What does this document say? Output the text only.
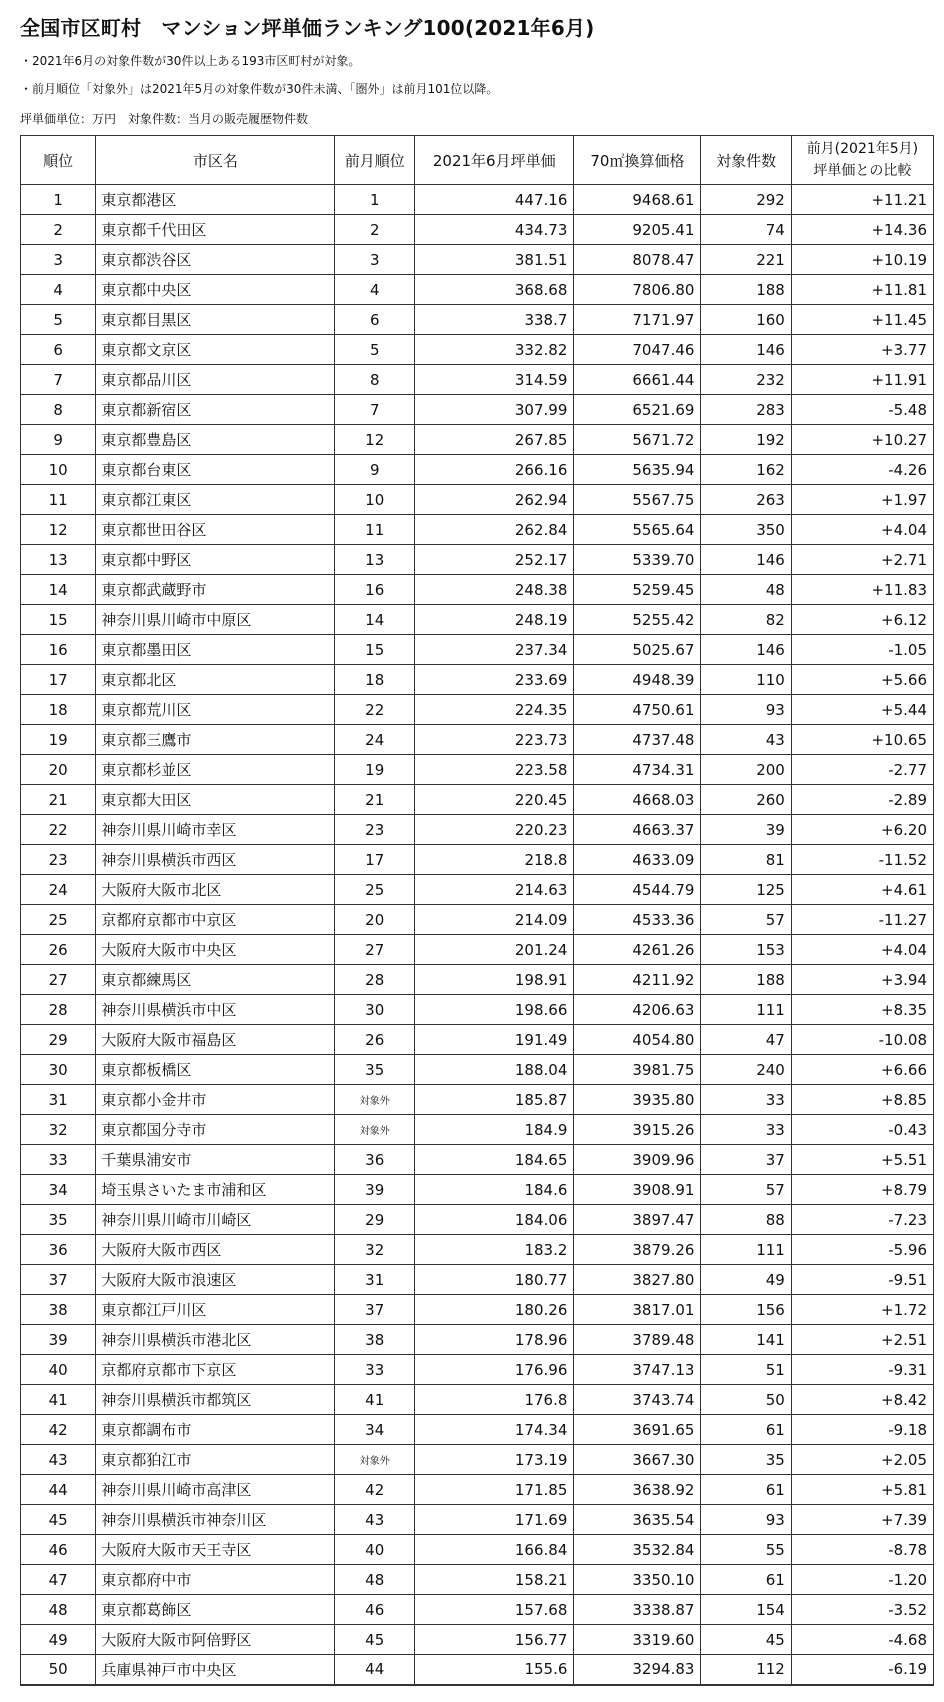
全国市区町村　マンション坪単価ランキング100(2021年6月)
・2021年6月の対象件数が30件以上ある193市区町村が対象。
・前月順位「対象外」は2021年5月の対象件数が30件未満、「圏外」は前月101位以降。
坪単価単位：万円　対象件数：当月の販売履歴物件数
順位	市区名	前月順位	2021年6月坪単価	70㎡換算価格	対象件数	前月(2021年5月)
坪単価との比較

1	東京都港区	1	447.16	9468.61	292	+11.21
2	東京都千代田区	2	434.73	9205.41	74	+14.36
3	東京都渋谷区	3	381.51	8078.47	221	+10.19
4	東京都中央区	4	368.68	7806.80	188	+11.81
5	東京都目黒区	6	338.7	7171.97	160	+11.45
6	東京都文京区	5	332.82	7047.46	146	+3.77
7	東京都品川区	8	314.59	6661.44	232	+11.91
8	東京都新宿区	7	307.99	6521.69	283	-5.48
9	東京都豊島区	12	267.85	5671.72	192	+10.27
10	東京都台東区	9	266.16	5635.94	162	-4.26
11	東京都江東区	10	262.94	5567.75	263	+1.97
12	東京都世田谷区	11	262.84	5565.64	350	+4.04
13	東京都中野区	13	252.17	5339.70	146	+2.71
14	東京都武蔵野市	16	248.38	5259.45	48	+11.83
15	神奈川県川崎市中原区	14	248.19	5255.42	82	+6.12
16	東京都墨田区	15	237.34	5025.67	146	-1.05
17	東京都北区	18	233.69	4948.39	110	+5.66
18	東京都荒川区	22	224.35	4750.61	93	+5.44
19	東京都三鷹市	24	223.73	4737.48	43	+10.65
20	東京都杉並区	19	223.58	4734.31	200	-2.77
21	東京都大田区	21	220.45	4668.03	260	-2.89
22	神奈川県川崎市幸区	23	220.23	4663.37	39	+6.20
23	神奈川県横浜市西区	17	218.8	4633.09	81	-11.52
24	大阪府大阪市北区	25	214.63	4544.79	125	+4.61
25	京都府京都市中京区	20	214.09	4533.36	57	-11.27
26	大阪府大阪市中央区	27	201.24	4261.26	153	+4.04
27	東京都練馬区	28	198.91	4211.92	188	+3.94
28	神奈川県横浜市中区	30	198.66	4206.63	111	+8.35
29	大阪府大阪市福島区	26	191.49	4054.80	47	-10.08
30	東京都板橋区	35	188.04	3981.75	240	+6.66
31	東京都小金井市	対象外	185.87	3935.80	33	+8.85
32	東京都国分寺市	対象外	184.9	3915.26	33	-0.43
33	千葉県浦安市	36	184.65	3909.96	37	+5.51
34	埼玉県さいたま市浦和区	39	184.6	3908.91	57	+8.79
35	神奈川県川崎市川崎区	29	184.06	3897.47	88	-7.23
36	大阪府大阪市西区	32	183.2	3879.26	111	-5.96
37	大阪府大阪市浪速区	31	180.77	3827.80	49	-9.51
38	東京都江戸川区	37	180.26	3817.01	156	+1.72
39	神奈川県横浜市港北区	38	178.96	3789.48	141	+2.51
40	京都府京都市下京区	33	176.96	3747.13	51	-9.31
41	神奈川県横浜市都筑区	41	176.8	3743.74	50	+8.42
42	東京都調布市	34	174.34	3691.65	61	-9.18
43	東京都狛江市	対象外	173.19	3667.30	35	+2.05
44	神奈川県川崎市高津区	42	171.85	3638.92	61	+5.81
45	神奈川県横浜市神奈川区	43	171.69	3635.54	93	+7.39
46	大阪府大阪市天王寺区	40	166.84	3532.84	55	-8.78
47	東京都府中市	48	158.21	3350.10	61	-1.20
48	東京都葛飾区	46	157.68	3338.87	154	-3.52
49	大阪府大阪市阿倍野区	45	156.77	3319.60	45	-4.68
50	兵庫県神戸市中央区	44	155.6	3294.83	112	-6.19
